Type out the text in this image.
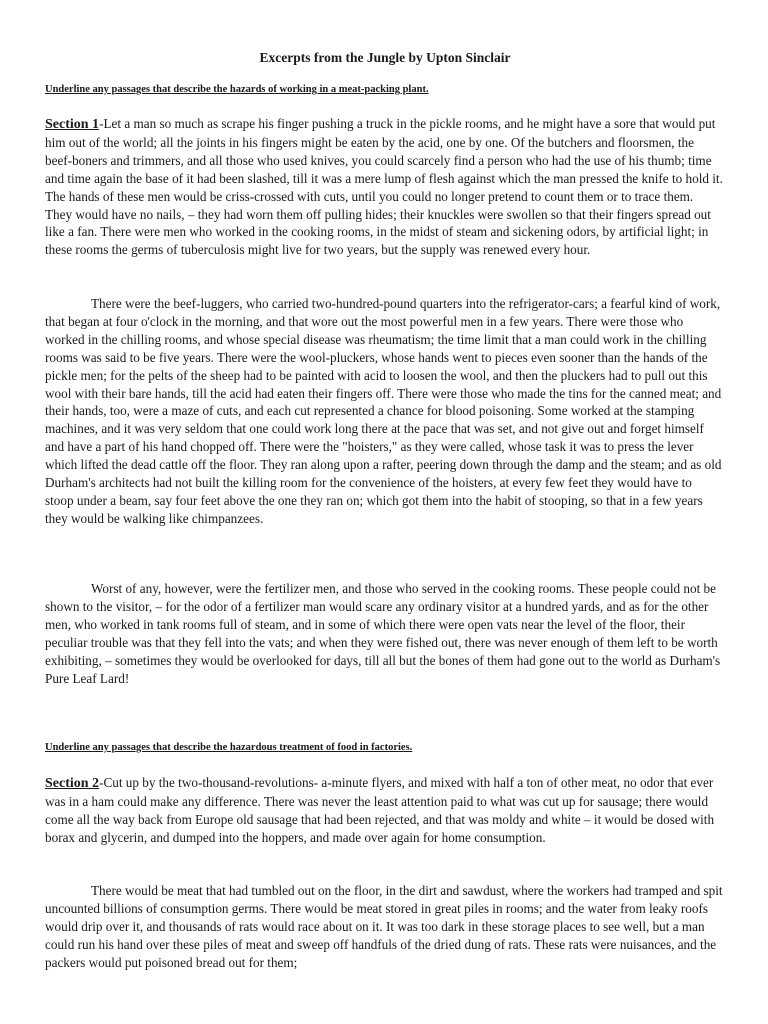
Excerpts from the Jungle by Upton Sinclair
Underline any passages that describe the hazards of working in a meat-packing plant.

Section 1-Let a man so much as scrape his finger pushing a truck in the pickle rooms, and he might have a sore that would put him out of the world; all the joints in his fingers might be eaten by the acid, one by one. Of the butchers and floorsmen, the beef-boners and trimmers, and all those who used knives, you could scarcely find a person who had the use of his thumb; time and time again the base of it had been slashed, till it was a mere lump of flesh against which the man pressed the knife to hold it. The hands of these men would be criss-crossed with cuts, until you could no longer pretend to count them or to trace them. They would have no nails, – they had worn them off pulling hides; their knuckles were swollen so that their fingers spread out like a fan. There were men who worked in the cooking rooms, in the midst of steam and sickening odors, by artificial light; in these rooms the germs of tuberculosis might live for two years, but the supply was renewed every hour.

There were the beef-luggers, who carried two-hundred-pound quarters into the refrigerator-cars; a fearful kind of work, that began at four o'clock in the morning, and that wore out the most powerful men in a few years. There were those who worked in the chilling rooms, and whose special disease was rheumatism; the time limit that a man could work in the chilling rooms was said to be five years. There were the wool-pluckers, whose hands went to pieces even sooner than the hands of the pickle men; for the pelts of the sheep had to be painted with acid to loosen the wool, and then the pluckers had to pull out this wool with their bare hands, till the acid had eaten their fingers off. There were those who made the tins for the canned meat; and their hands, too, were a maze of cuts, and each cut represented a chance for blood poisoning. Some worked at the stamping machines, and it was very seldom that one could work long there at the pace that was set, and not give out and forget himself and have a part of his hand chopped off. There were the "hoisters," as they were called, whose task it was to press the lever which lifted the dead cattle off the floor. They ran along upon a rafter, peering down through the damp and the steam; and as old Durham's architects had not built the killing room for the convenience of the hoisters, at every few feet they would have to stoop under a beam, say four feet above the one they ran on; which got them into the habit of stooping, so that in a few years they would be walking like chimpanzees.

Worst of any, however, were the fertilizer men, and those who served in the cooking rooms. These people could not be shown to the visitor, – for the odor of a fertilizer man would scare any ordinary visitor at a hundred yards, and as for the other men, who worked in tank rooms full of steam, and in some of which there were open vats near the level of the floor, their peculiar trouble was that they fell into the vats; and when they were fished out, there was never enough of them left to be worth exhibiting, – sometimes they would be overlooked for days, till all but the bones of them had gone out to the world as Durham's Pure Leaf Lard!

Underline any passages that describe the hazardous treatment of food in factories.

Section 2-Cut up by the two-thousand-revolutions- a-minute flyers, and mixed with half a ton of other meat, no odor that ever was in a ham could make any difference. There was never the least attention paid to what was cut up for sausage; there would come all the way back from Europe old sausage that had been rejected, and that was moldy and white – it would be dosed with borax and glycerin, and dumped into the hoppers, and made over again for home consumption.

There would be meat that had tumbled out on the floor, in the dirt and sawdust, where the workers had tramped and spit uncounted billions of consumption germs. There would be meat stored in great piles in rooms; and the water from leaky roofs would drip over it, and thousands of rats would race about on it. It was too dark in these storage places to see well, but a man could run his hand over these piles of meat and sweep off handfuls of the dried dung of rats. These rats were nuisances, and the packers would put poisoned bread out for them;
